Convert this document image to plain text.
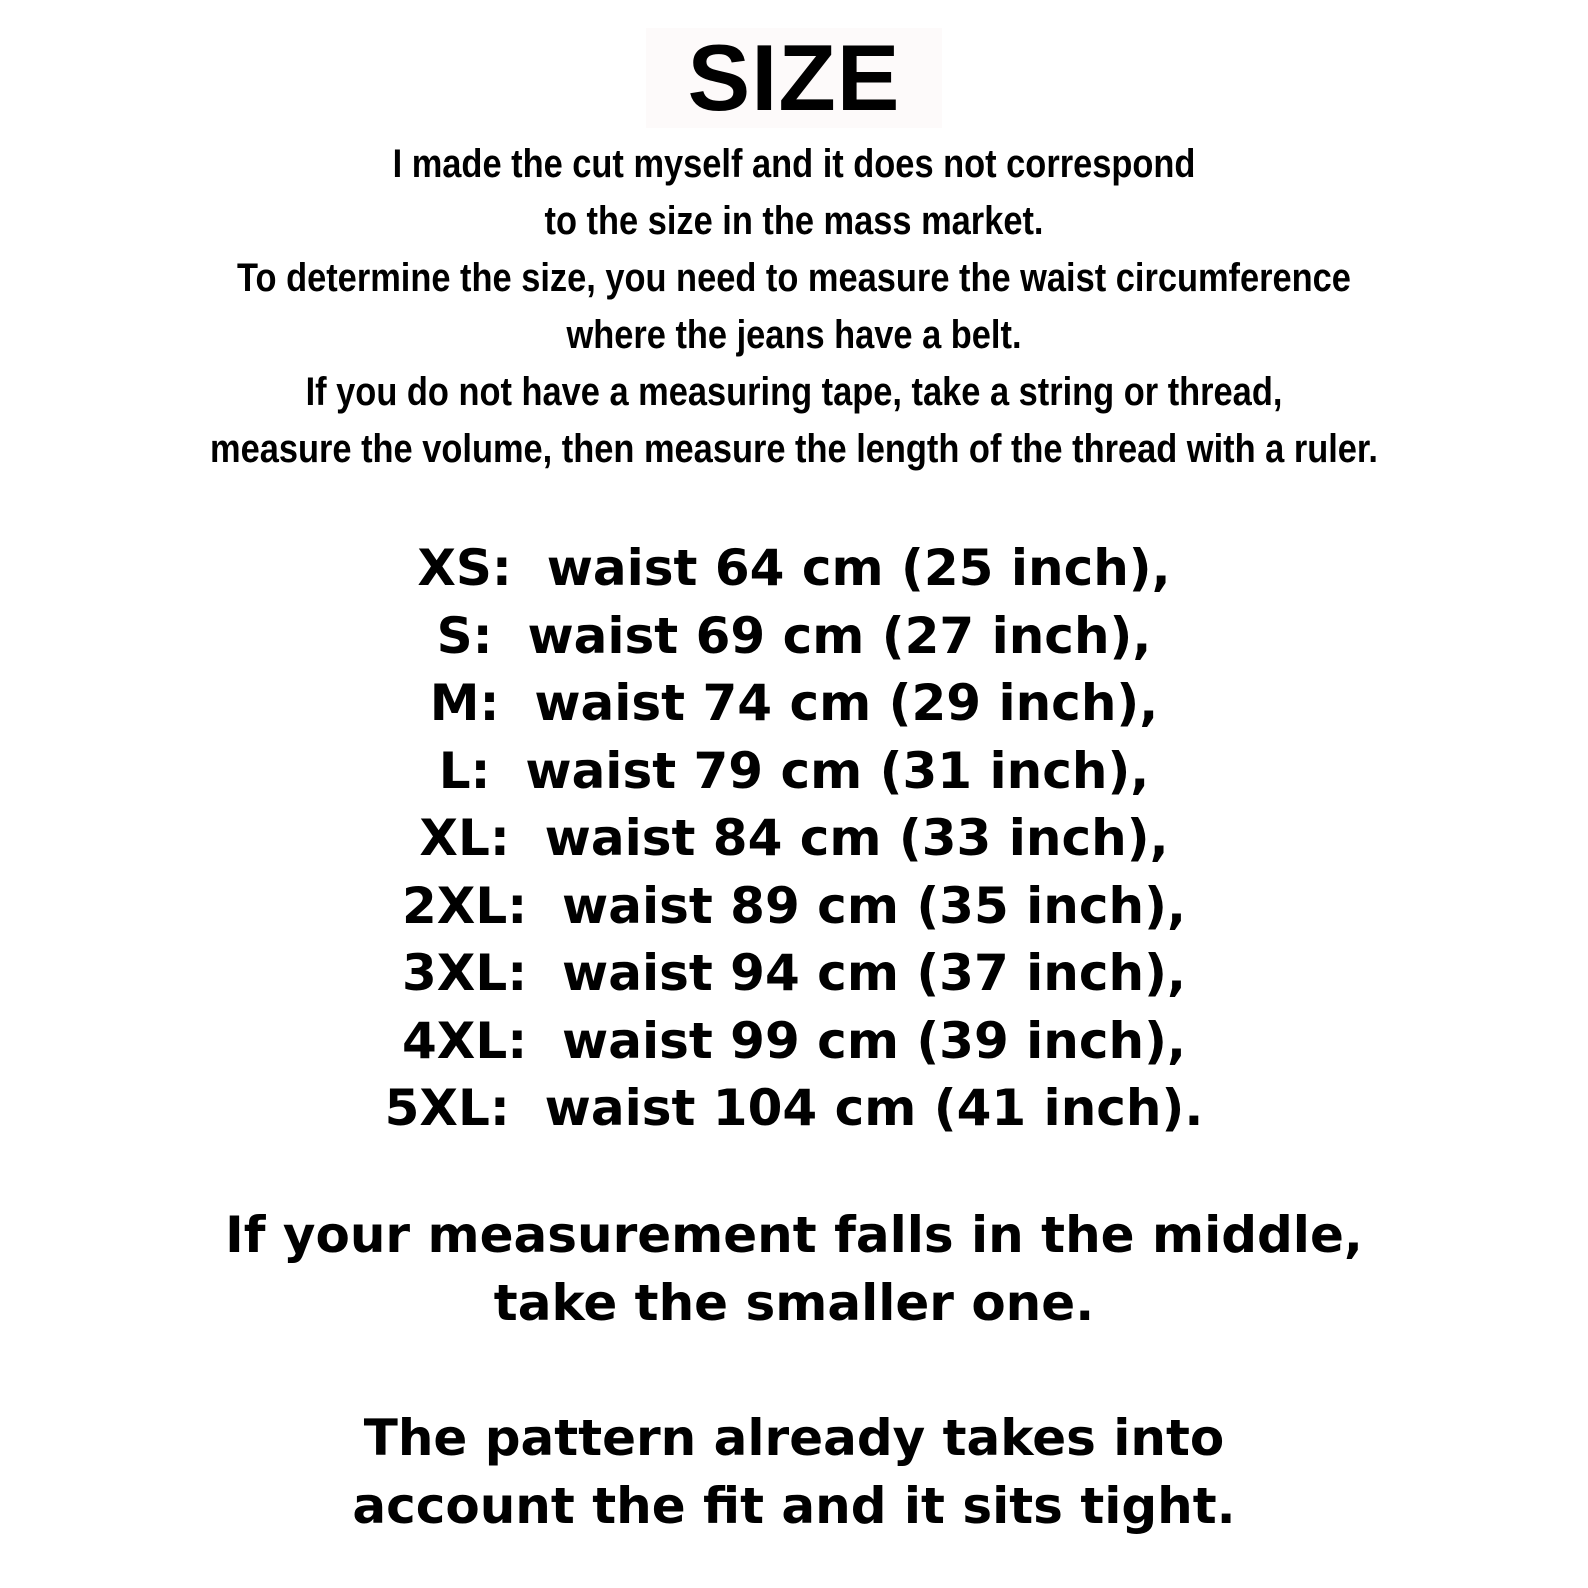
SIZE
I made the cut myself and it does not correspond
to the size in the mass market.
To determine the size, you need to measure the waist circumference
where the jeans have a belt.
If you do not have a measuring tape, take a string or thread,
measure the volume, then measure the length of the thread with a ruler.
XS: waist 64 cm (25 inch),
S: waist 69 cm (27 inch),
M: waist 74 cm (29 inch),
L: waist 79 cm (31 inch),
XL: waist 84 cm (33 inch),
2XL: waist 89 cm (35 inch),
3XL: waist 94 cm (37 inch),
4XL: waist 99 cm (39 inch),
5XL: waist 104 cm (41 inch).
If your measurement falls in the middle,
take the smaller one.
The pattern already takes into
account the fit and it sits tight.
